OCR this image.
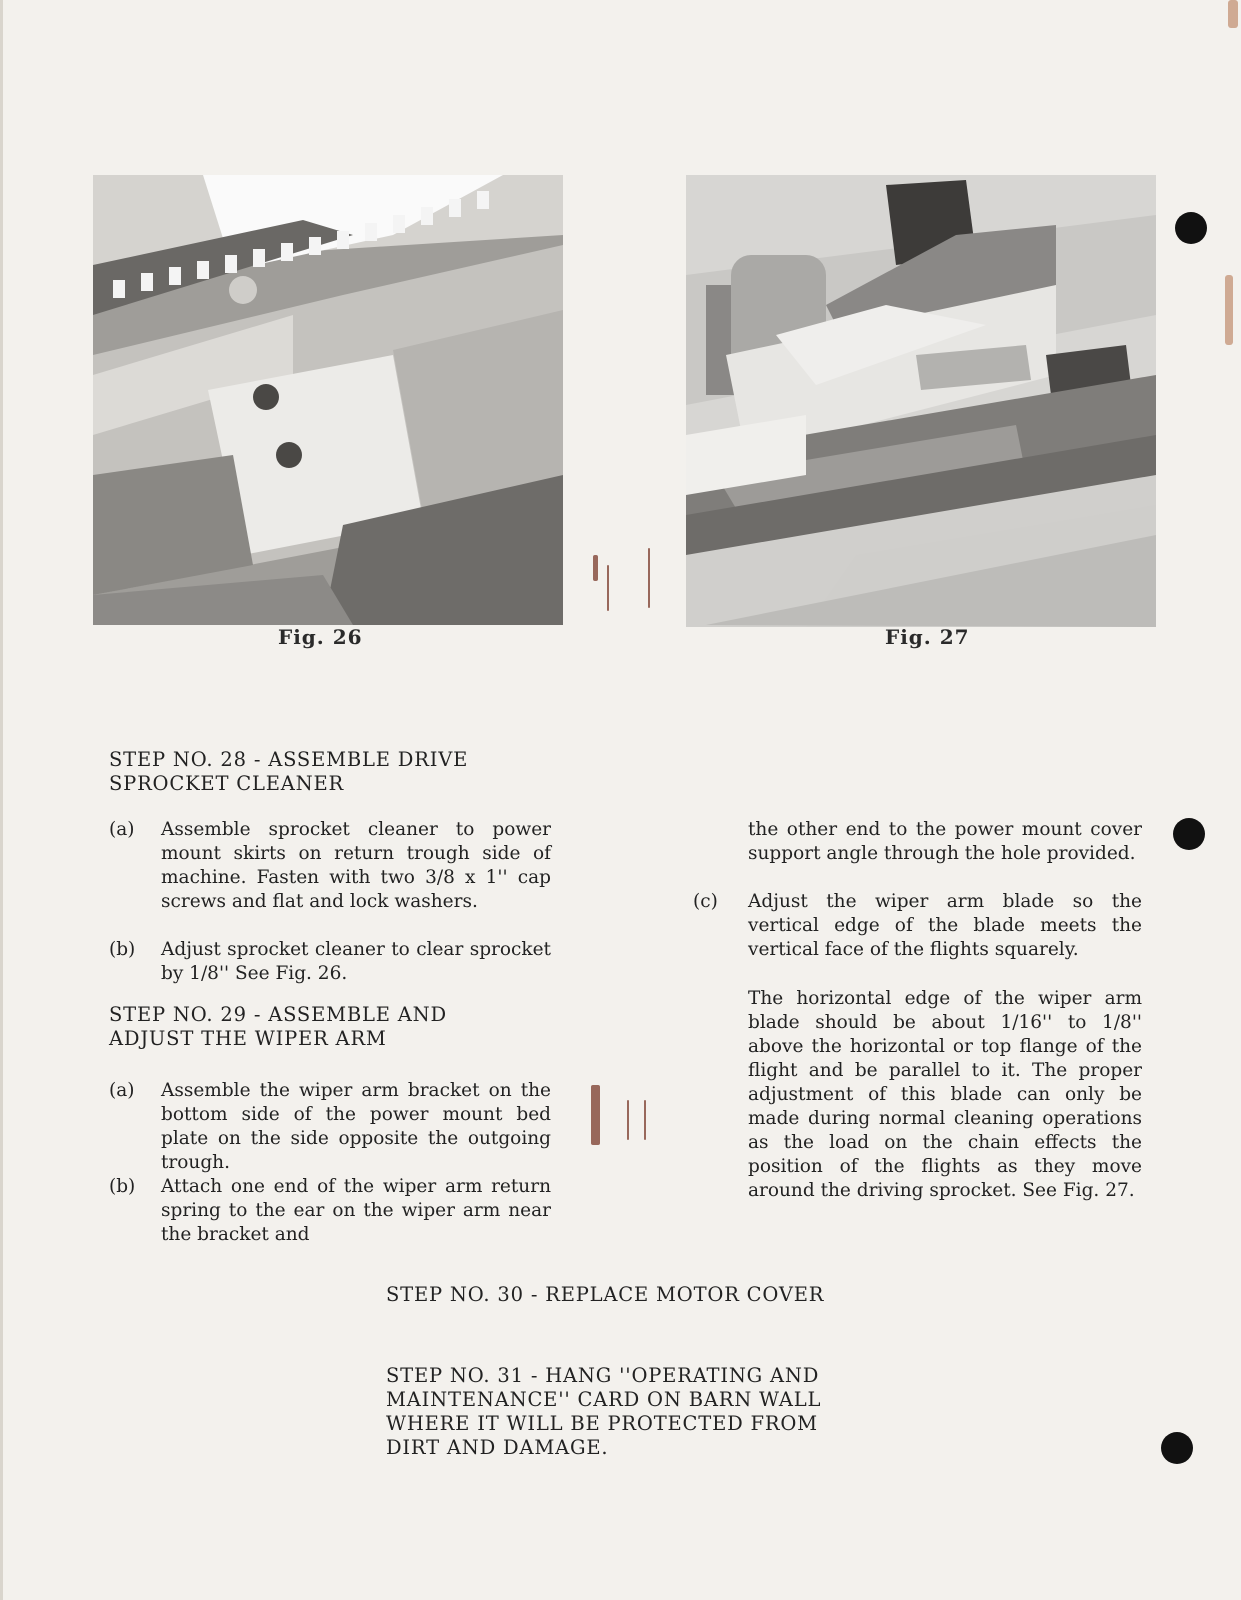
Fig. 26	Fig. 27
STEP NO. 28 - ASSEMBLE DRIVE
SPROCKET CLEANER
(a) Assemble sprocket cleaner to power mount skirts on return trough side of machine. Fasten with two 3/8 x 1'' cap screws and flat and lock washers.
(b) Adjust sprocket cleaner to clear sprocket by 1/8'' See Fig. 26.
STEP NO. 29 - ASSEMBLE AND
ADJUST THE WIPER ARM
(a) Assemble the wiper arm bracket on the bottom side of the power mount bed plate on the side opposite the outgoing trough.
(b) Attach one end of the wiper arm return spring to the ear on the wiper arm near the bracket and
the other end to the power mount cover support angle through the hole provided.
(c) Adjust the wiper arm blade so the vertical edge of the blade meets the vertical face of the flights squarely.
The horizontal edge of the wiper arm blade should be about 1/16'' to 1/8'' above the horizontal or top flange of the flight and be parallel to it. The proper adjustment of this blade can only be made during normal cleaning operations as the load on the chain effects the position of the flights as they move around the driving sprocket. See Fig. 27.
STEP NO. 30 - REPLACE MOTOR COVER
STEP NO. 31 - HANG ''OPERATING AND
MAINTENANCE'' CARD ON BARN WALL
WHERE IT WILL BE PROTECTED FROM
DIRT AND DAMAGE.
